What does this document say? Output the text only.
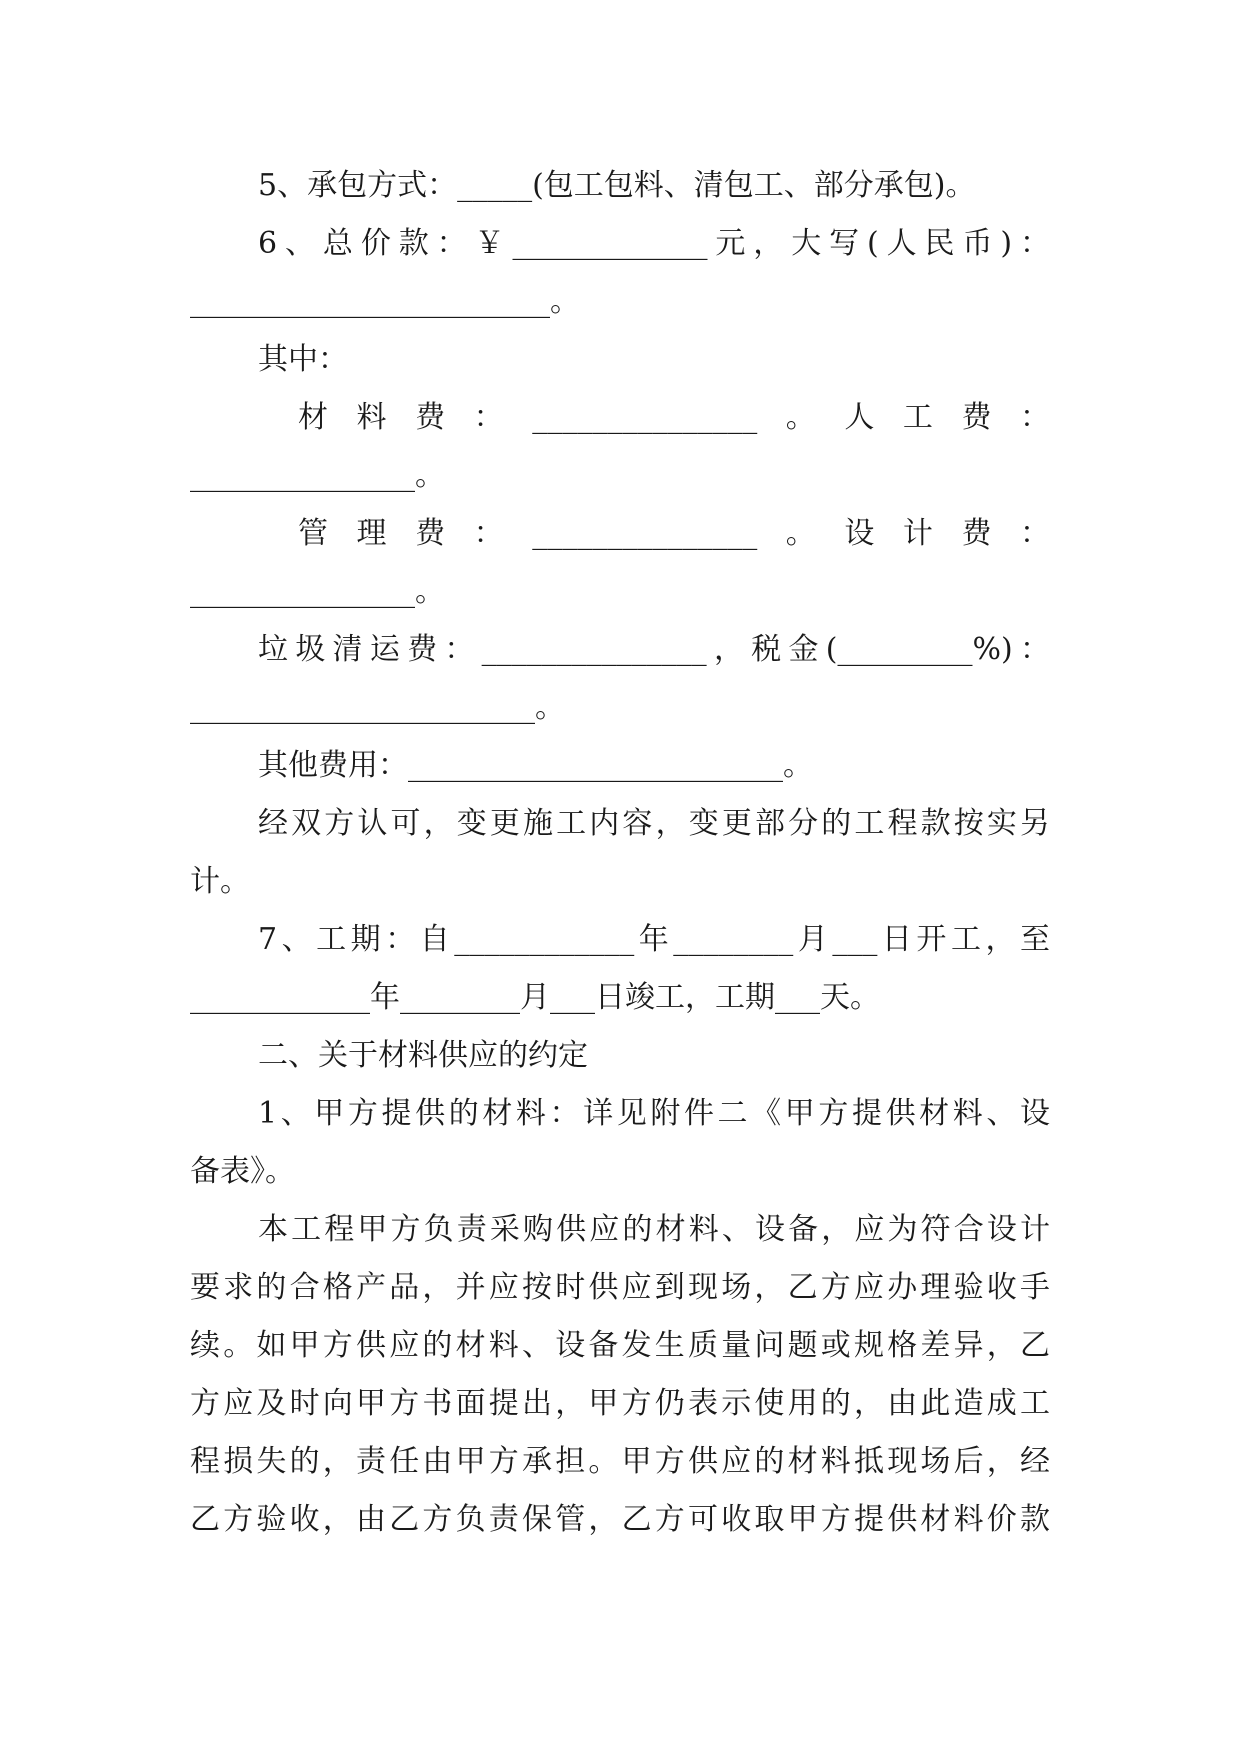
5、承包方式：_____(包工包料、清包工、部分承包)。
6、总价款：￥_____________元，大写(人民币)：
________________________。
其中：
材料费：_______________。人工费：
_______________。
管理费：_______________。设计费：
_______________。
垃圾清运费：_______________，税金(_________%)：
_______________________。
其他费用：_________________________。
经双方认可，变更施工内容，变更部分的工程款按实另
计。
7、工期：自____________年________月___日开工，至
____________年________月___日竣工，工期___天。
二、关于材料供应的约定
1、甲方提供的材料：详见附件二《甲方提供材料、设
备表》。
本工程甲方负责采购供应的材料、设备，应为符合设计
要求的合格产品，并应按时供应到现场，乙方应办理验收手
续。如甲方供应的材料、设备发生质量问题或规格差异，乙
方应及时向甲方书面提出，甲方仍表示使用的，由此造成工
程损失的，责任由甲方承担。甲方供应的材料抵现场后，经
乙方验收，由乙方负责保管，乙方可收取甲方提供材料价款
